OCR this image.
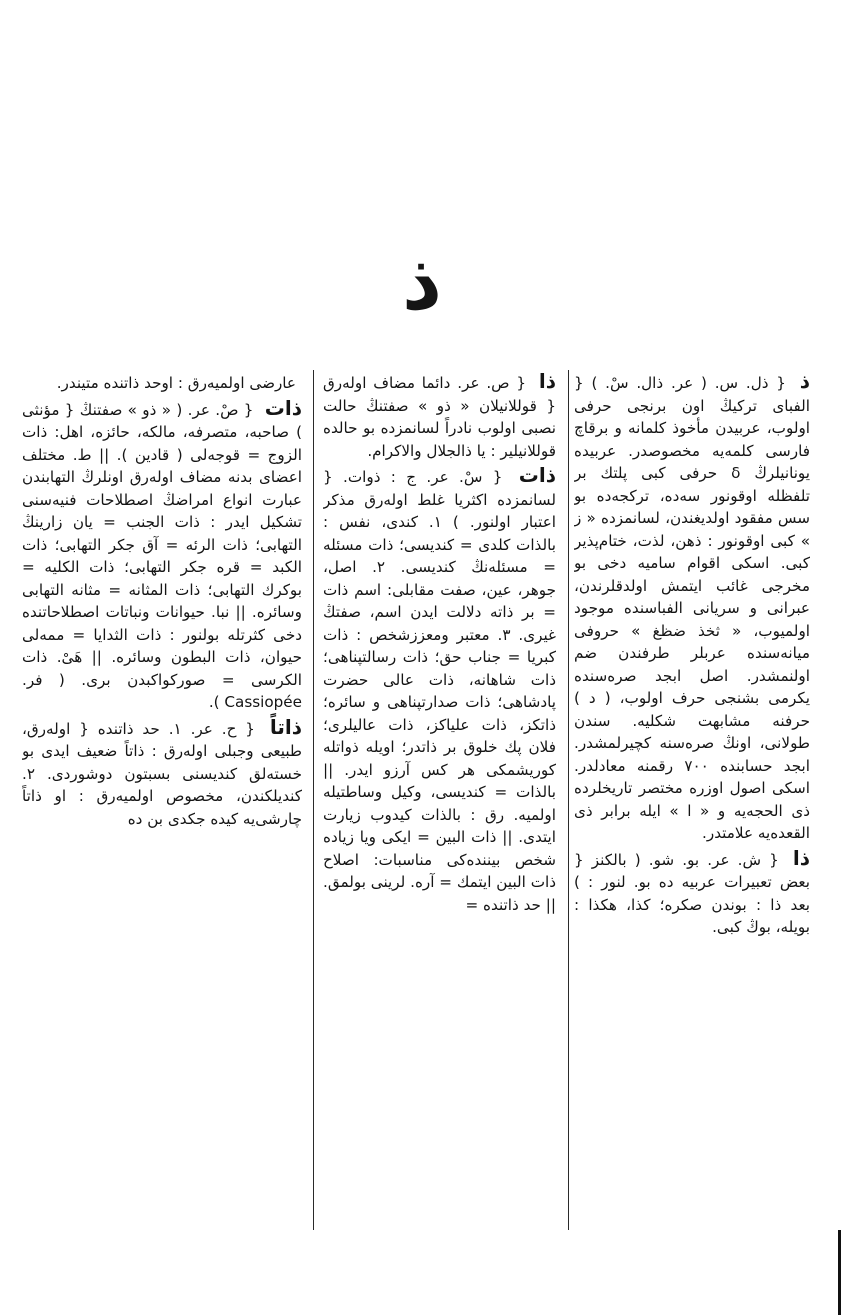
ذ
ذ { ذل. س. ( عر. ذال. سْ. ) { الفبای ترکیڭ اون برنجی حرفی اولوب، عربیدن مأخوذ کلمانه و برقاچ فارسی کلمه‌یه مخصوصدر. عربیده یونانیلرڭ δ حرفی کبی پلتك بر تلفظله اوقونور سه‌ده، ترکجه‌ده بو سس مفقود اولدیغندن، لسانمزده « ز » کبی اوقونور : ذهن، لذت، ختام‌پذیر کبی. اسکی اقوام سامیه دخی بو مخرجی غائب ایتمش اولدقلرندن، عبرانی و سریانی الفباسنده موجود اولمیوب، « ثخذ ضظغ » حروفی میانه‌سنده عربلر طرفندن ضم اولنمشدر. اصل ابجد صره‌سنده یکرمی بشنجی حرف اولوب، ( د ) حرفنه مشابهت شکلیه. سندن طولانی، اونڭ صره‌سنه کچیرلمشدر. ابجد حسابنده ۷۰۰ رقمنه معادلدر. اسکی اصول اوزره مختصر تاریخلرده ذی الحجه‌یه و « ا » ایله برابر ذی القعده‌یه علامتدر.
ذا { ش. عر. بو. شو. ( بالکنز { بعض تعبیرات عربیه ده بو. لنور : ) بعد ذا : بوندن صکره؛ کذا، هکذا : بویله، بوڭ کبی.
ذا { ص. عر. دائما مضاف اوله‌رق { قوللانیلان « ذو » صفتنڭ حالت نصبی اولوب نادراً لسانمزده بو حالده قوللانیلیر : یا ذالجلال والاکرام.
ذات { سْ. عر. ج : ذوات. { لسانمزده اکثریا غلط اوله‌رق مذکر اعتبار اولنور. ) ۱. کندی، نفس : بالذات کلدی = کندیسی؛ ذات مسئله = مسئله‌نڭ کندیسی. ۲. اصل، جوهر، عین، صفت مقابلی: اسم ذات = بر ذاته دلالت ایدن اسم، صفتڭ غیری. ۳. معتبر ومعززشخص : ذات کبریا = جناب حق؛ ذات رسالتپناهی؛ ذات شاهانه، ذات عالی حضرت پادشاهی؛ ذات صدارتپناهی و سائره؛ ذاتکز، ذات علیاکز، ذات عالیلری؛ فلان پك خلوق بر ذاتدر؛ اویله ذواتله کوریشمکی هر کس آرزو ایدر. || بالذات = کندیسی، وکیل وساطتیله اولمیه. رق : بالذات کیدوب زیارت ایتدی. || ذات البین = ایکی ویا زیاده شخص بیننده‌کی مناسبات: اصلاح ذات البین ایتمك = آره. لرینی بولمق. || حد ذاتنده =
عارضی اولمیه‌رق : اوحد ذاتنده متیندر.
ذات { صْ. عر. ( « ذو » صفتنڭ { مؤنثی ) صاحبه، متصرفه، مالکه، حائزه، اهل: ذات الزوج = قوجه‌لی ( قادین ). || ط. مختلف اعضای بدنه مضاف اوله‌رق اونلرڭ التهابندن عبارت انواع امراضڭ اصطلاحات فنیه‌سنی تشکیل ایدر : ذات الجنب = یان زارینڭ التهابی؛ ذات الرئه = آق جکر التهابی؛ ذات الکبد = قره جکر التهابی؛ ذات الکلیه = بوکرك التهابی؛ ذات المثانه = مثانه التهابی وسائره. || نبا. حیوانات ونباتات اصطلاحاتنده دخی کثرتله بولنور : ذات الثدایا = ممه‌لی حیوان، ذات البطون وسائره. || هَیْ. ذات الکرسی = صورکواکبدن بری. ( فر. Cassiopée ).
ذاتاً { ح. عر. ۱. حد ذاتنده { اوله‌رق، طبیعی وجبلی اوله‌رق : ذاتاً ضعیف ایدی بو خسته‌لق کندیسنی بسبتون دوشوردی. ۲. کندیلکندن، مخصوص اولمیه‌رق : او ذاتاً چارشی‌یه کیده جکدی بن ده
